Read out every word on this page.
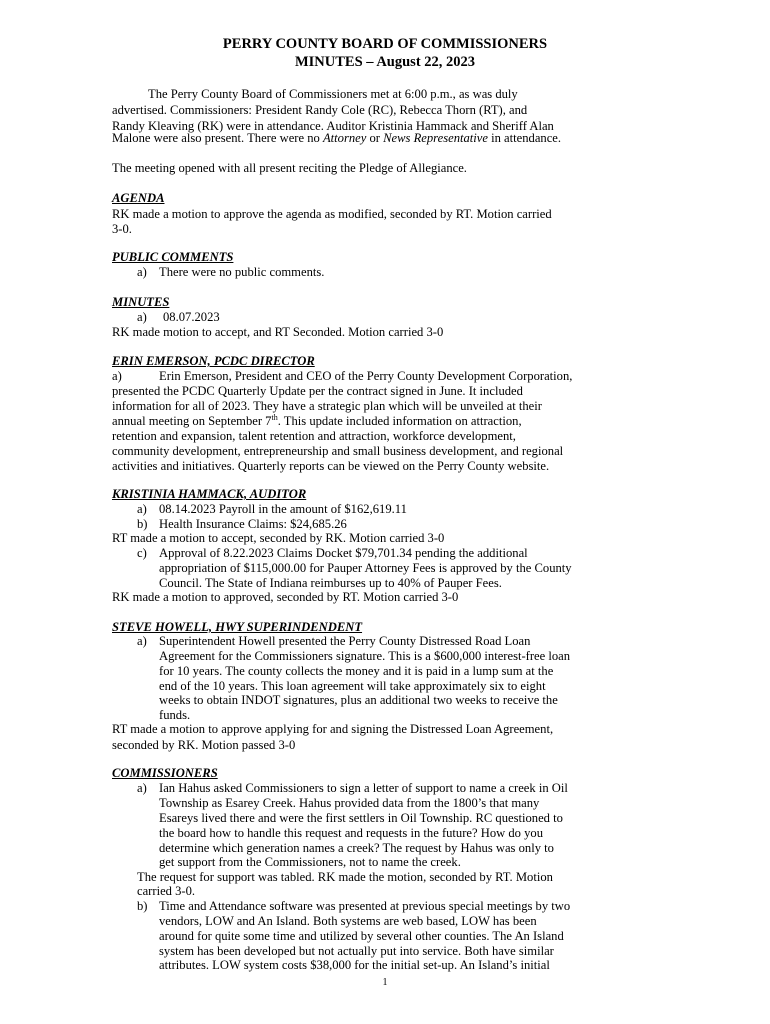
PERRY COUNTY BOARD OF COMMISSIONERS
MINUTES – August 22, 2023
The Perry County Board of Commissioners met at 6:00 p.m., as was duly
advertised. Commissioners: President Randy Cole (RC), Rebecca Thorn (RT), and
Randy Kleaving (RK) were in attendance. Auditor Kristinia Hammack and Sheriff Alan
Malone were also present. There were no Attorney or News Representative in attendance.
The meeting opened with all present reciting the Pledge of Allegiance.
AGENDA
RK made a motion to approve the agenda as modified, seconded by RT. Motion carried
3-0.
PUBLIC COMMENTS
a) There were no public comments.
MINUTES
a) 08.07.2023
RK made motion to accept, and RT Seconded. Motion carried 3-0
ERIN EMERSON, PCDC DIRECTOR
a)	Erin Emerson, President and CEO of the Perry County Development Corporation,
presented the PCDC Quarterly Update per the contract signed in June. It included
information for all of 2023. They have a strategic plan which will be unveiled at their
annual meeting on September 7th. This update included information on attraction,
retention and expansion, talent retention and attraction, workforce development,
community development, entrepreneurship and small business development, and regional
activities and initiatives. Quarterly reports can be viewed on the Perry County website.
KRISTINIA HAMMACK, AUDITOR
a) 08.14.2023 Payroll in the amount of $162,619.11
b) Health Insurance Claims: $24,685.26
RT made a motion to accept, seconded by RK. Motion carried 3-0
c) Approval of 8.22.2023 Claims Docket $79,701.34 pending the additional
appropriation of $115,000.00 for Pauper Attorney Fees is approved by the County
Council. The State of Indiana reimburses up to 40% of Pauper Fees.
RK made a motion to approved, seconded by RT. Motion carried 3-0
STEVE HOWELL, HWY SUPERINDENDENT
a) Superintendent Howell presented the Perry County Distressed Road Loan
Agreement for the Commissioners signature. This is a $600,000 interest-free loan
for 10 years. The county collects the money and it is paid in a lump sum at the
end of the 10 years. This loan agreement will take approximately six to eight
weeks to obtain INDOT signatures, plus an additional two weeks to receive the
funds.
RT made a motion to approve applying for and signing the Distressed Loan Agreement,
seconded by RK. Motion passed 3-0
COMMISSIONERS
a) Ian Hahus asked Commissioners to sign a letter of support to name a creek in Oil
Township as Esarey Creek. Hahus provided data from the 1800’s that many
Esareys lived there and were the first settlers in Oil Township. RC questioned to
the board how to handle this request and requests in the future? How do you
determine which generation names a creek? The request by Hahus was only to
get support from the Commissioners, not to name the creek.
The request for support was tabled. RK made the motion, seconded by RT. Motion
carried 3-0.
b) Time and Attendance software was presented at previous special meetings by two
vendors, LOW and An Island. Both systems are web based, LOW has been
around for quite some time and utilized by several other counties. The An Island
system has been developed but not actually put into service. Both have similar
attributes. LOW system costs $38,000 for the initial set-up. An Island’s initial
1
